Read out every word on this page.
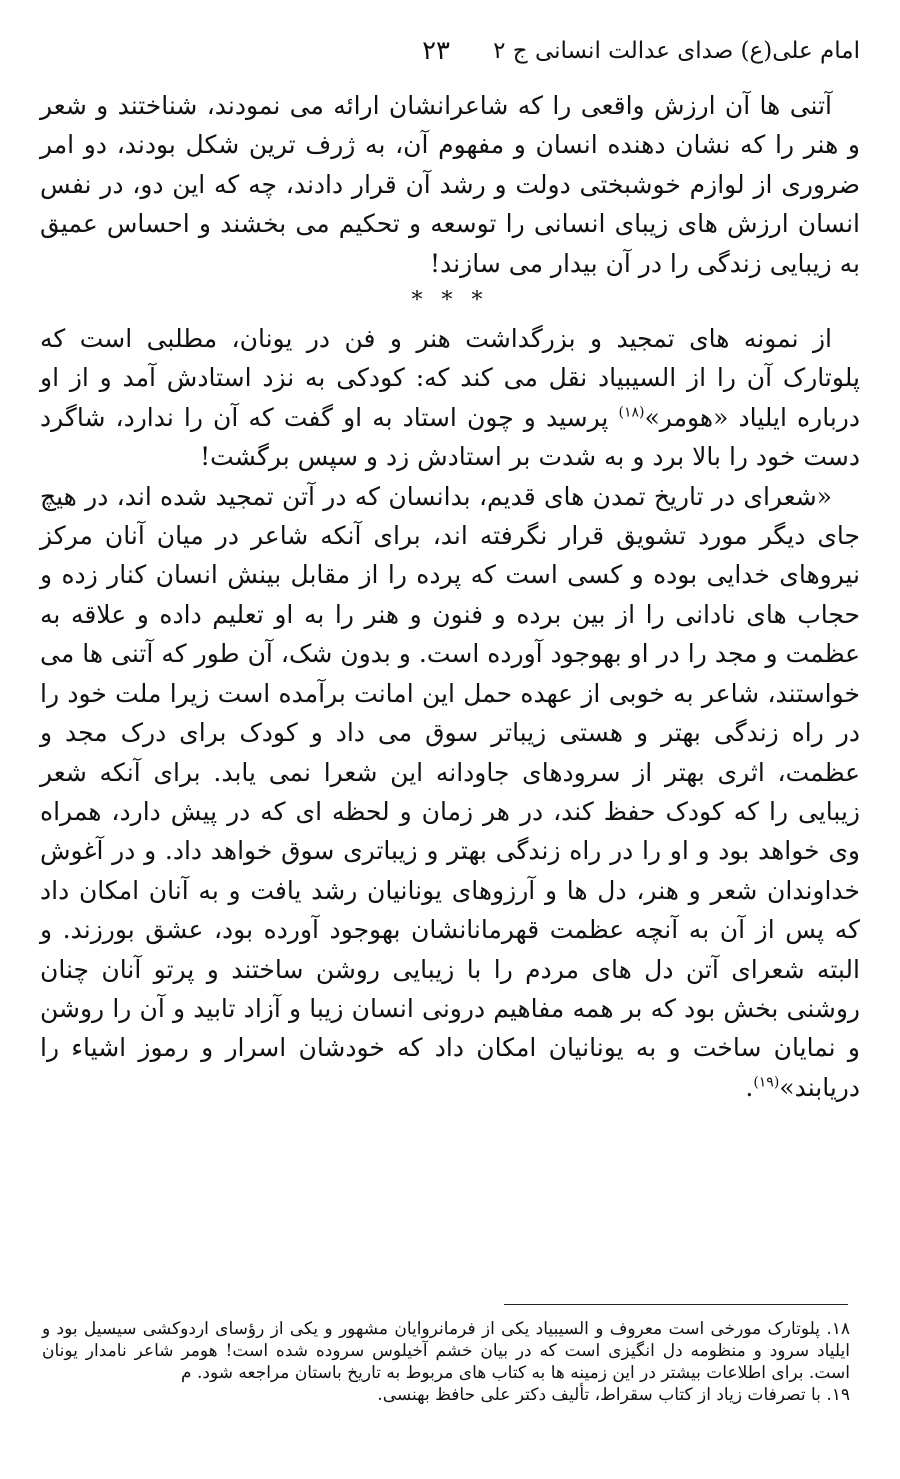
امام علی(ع) صدای عدالت انسانی ج ۲
۲۳

آتنی ها آن ارزش واقعی را که شاعرانشان ارائه می نمودند، شناختند و شعر و هنر را که نشان دهنده انسان و مفهوم آن، به ژرف ترین شکل بودند، دو امر ضروری از لوازم خوشبختی دولت و رشد آن قرار دادند، چه که این دو، در نفس انسان ارزش های زیبای انسانی را توسعه و تحکیم می بخشند و احساس عمیق به زیبایی زندگی را در آن بیدار می سازند!

* * *

از نمونه های تمجید و بزرگداشت هنر و فن در یونان، مطلبی است که پلوتارک آن را از السیبیاد نقل می کند که: کودکی به نزد استادش آمد و از او درباره ایلیاد «هومر»$^{(۱۸)}$ پرسید و چون استاد به او گفت که آن را ندارد، شاگرد دست خود را بالا برد و به شدت بر استادش زد و سپس برگشت!

«شعرای در تاریخ تمدن های قدیم، بدانسان که در آتن تمجید شده اند، در هیچ جای دیگر مورد تشویق قرار نگرفته اند، برای آنکه شاعر در میان آنان مرکز نیروهای خدایی بوده و کسی است که پرده را از مقابل بینش انسان کنار زده و حجاب های نادانی را از بین برده و فنون و هنر را به او تعلیم داده و علاقه به عظمت و مجد را در او بهوجود آورده است. و بدون شک، آن طور که آتنی ها می خواستند، شاعر به خوبی از عهده حمل این امانت برآمده است زیرا ملت خود را در راه زندگی بهتر و هستی زیباتر سوق می داد و کودک برای درک مجد و عظمت، اثری بهتر از سرودهای جاودانه این شعرا نمی یابد. برای آنکه شعر زیبایی را که کودک حفظ کند، در هر زمان و لحظه ای که در پیش دارد، همراه وی خواهد بود و او را در راه زندگی بهتر و زیباتری سوق خواهد داد. و در آغوش خداوندان شعر و هنر، دل ها و آرزوهای یونانیان رشد یافت و به آنان امکان داد که پس از آن به آنچه عظمت قهرمانانشان بهوجود آورده بود، عشق بورزند. و البته شعرای آتن دل های مردم را با زیبایی روشن ساختند و پرتو آنان چنان روشنی بخش بود که بر همه مفاهیم درونی انسان زیبا و آزاد تابید و آن را روشن و نمایان ساخت و به یونانیان امکان داد که خودشان اسرار و رموز اشیاء را دریابند»$^{(۱۹)}$.

۱۸. پلوتارک مورخی است معروف و السیبیاد یکی از فرمانروایان مشهور و یکی از رؤسای اردوکشی سیسیل بود و ایلیاد سرود و منظومه دل انگیزی است که در بیان خشم آخیلوس سروده شده است! هومر شاعر نامدار یونان است. برای اطلاعات بیشتر در این زمینه ها به کتاب های مربوط به تاریخ باستان مراجعه شود. م

۱۹. با تصرفات زیاد از کتاب سقراط، تألیف دکتر علی حافظ بهنسی.
